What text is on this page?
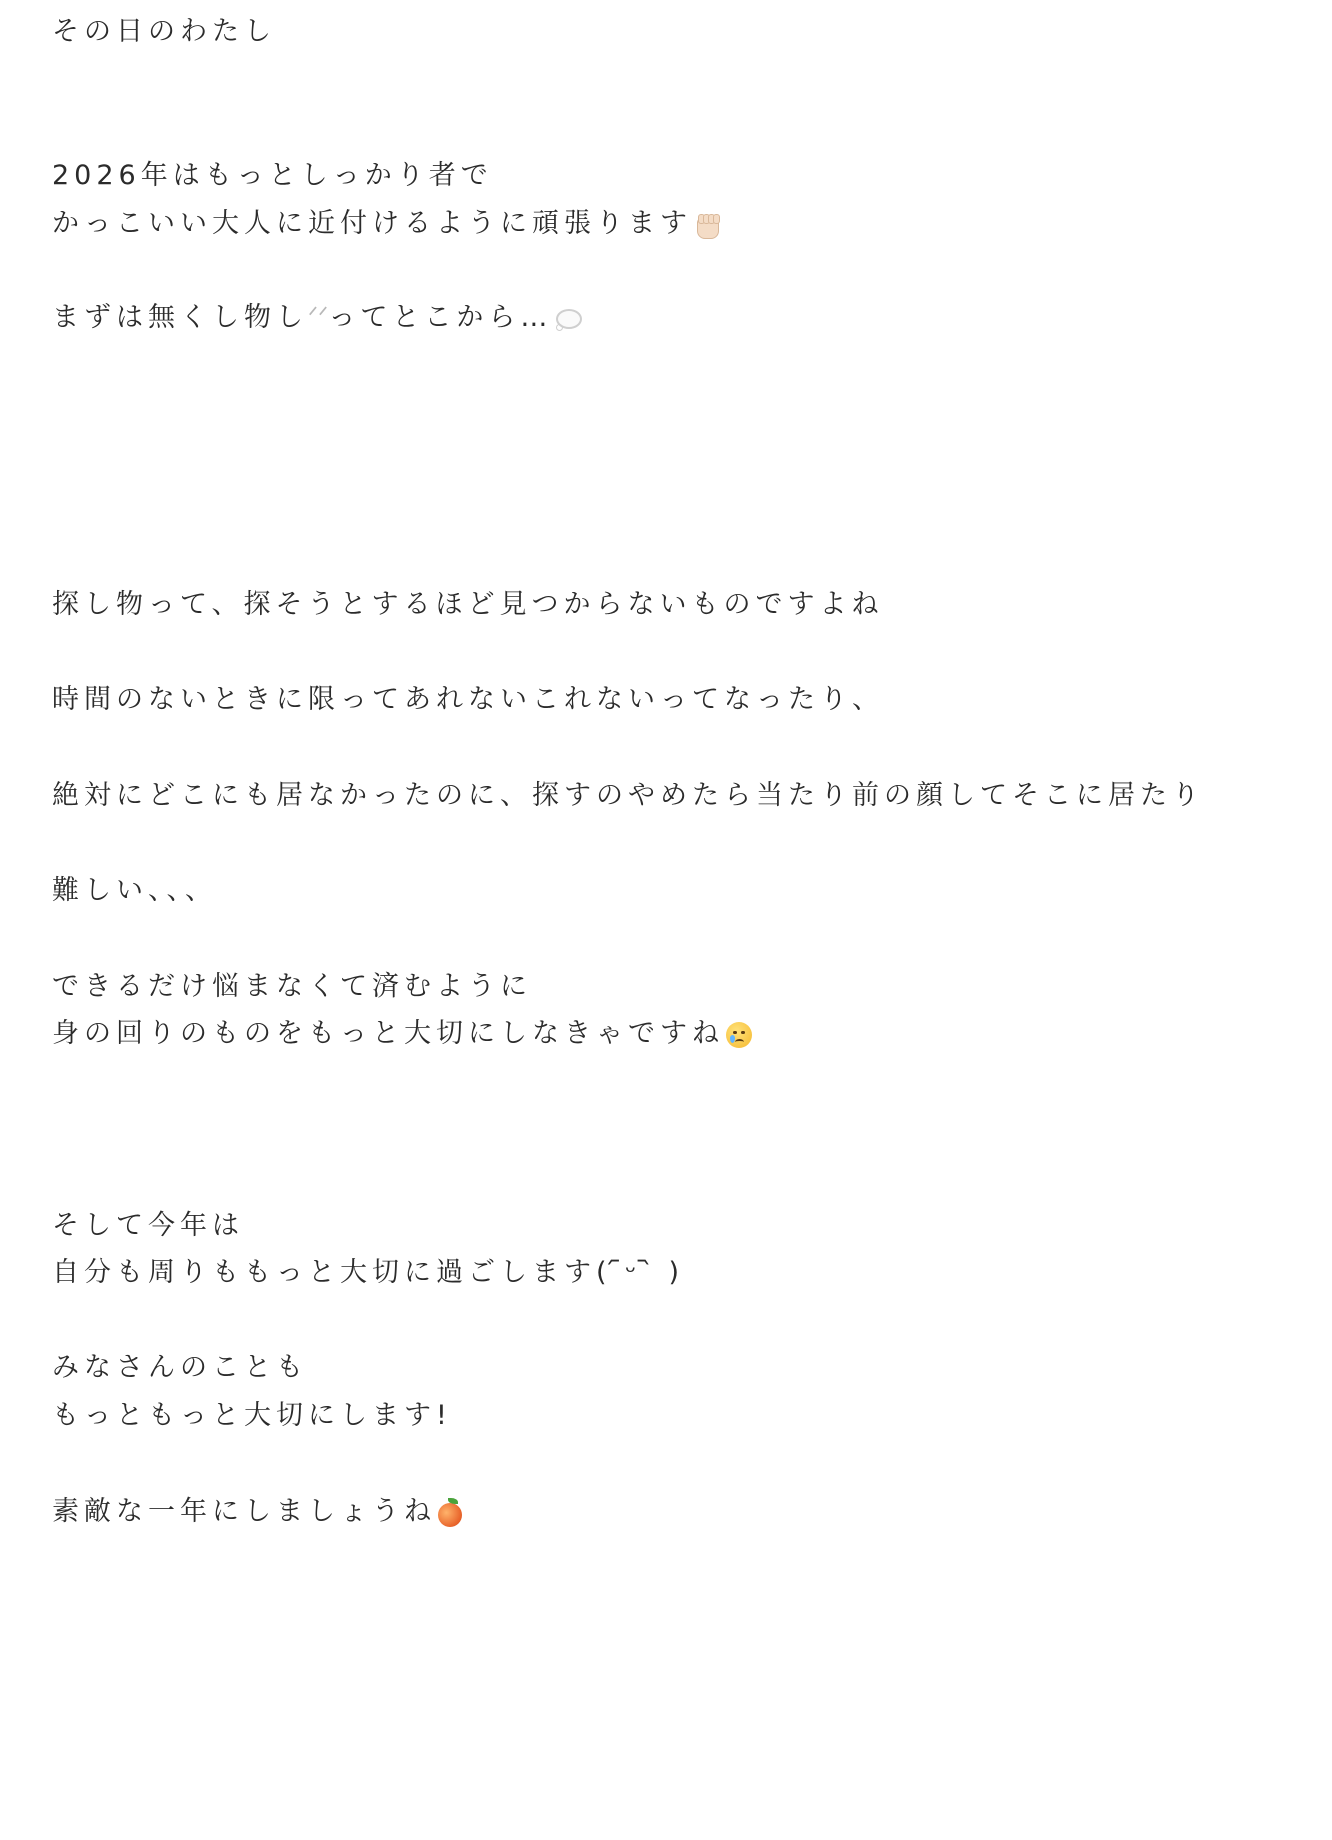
その日のわたし
2026年はもっとしっかり者で
かっこいい大人に近付けるように頑張ります
まずは無くし物しᐟᐟってとこから…
探し物って、探そうとするほど見つからないものですよね
時間のないときに限ってあれないこれないってなったり、
絶対にどこにも居なかったのに、探すのやめたら当たり前の顔してそこに居たり
難しい、、、
できるだけ悩まなくて済むように
身の回りのものをもっと大切にしなきゃですね
そして今年は
自分も周りももっと大切に過ごします( ᷇ᵕ ᷆ )
みなさんのことも
もっともっと大切にします!
素敵な一年にしましょうね
